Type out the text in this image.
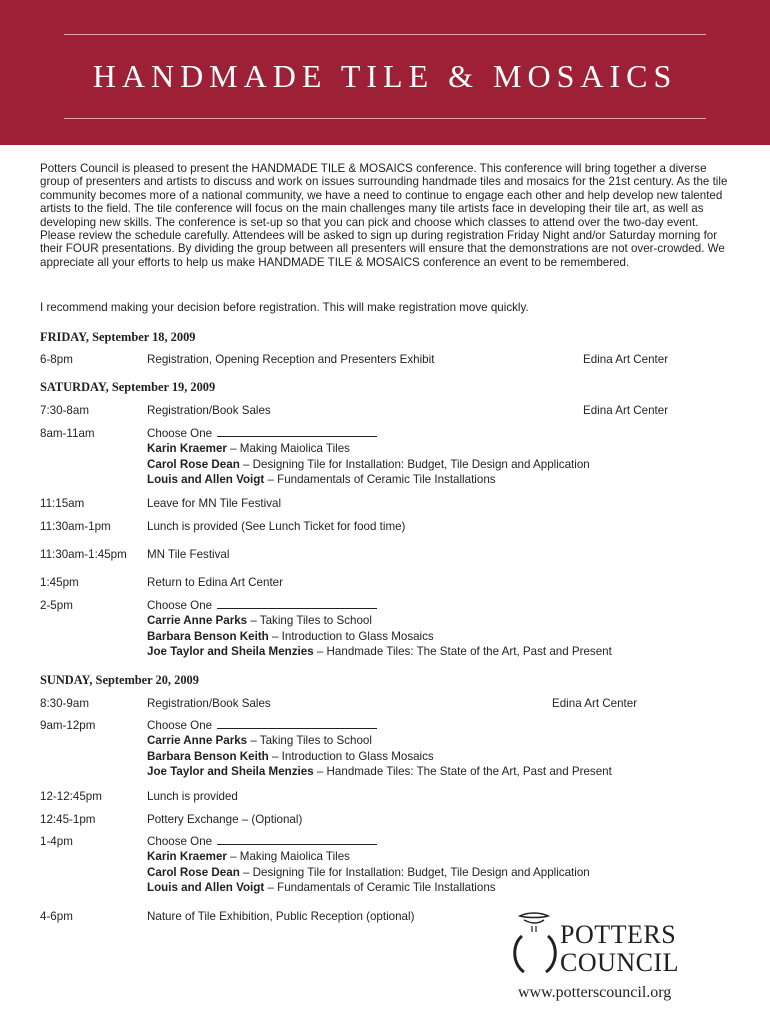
HANDMADE TILE & MOSAICS

Potters Council is pleased to present the HANDMADE TILE & MOSAICS conference. This conference will bring together a diverse group of presenters and artists to discuss and work on issues surrounding handmade tiles and mosaics for the 21st century. As the tile community becomes more of a national community, we have a need to continue to engage each other and help develop new talented artists to the field. The tile conference will focus on the main challenges many tile artists face in developing their tile art, as well as developing new skills. The conference is set-up so that you can pick and choose which classes to attend over the two-day event. Please review the schedule carefully. Attendees will be asked to sign up during registration Friday Night and/or Saturday morning for their FOUR presentations. By dividing the group between all presenters will ensure that the demonstrations are not over-crowded. We appreciate all your efforts to help us make HANDMADE TILE & MOSAICS conference an event to be remembered.

I recommend making your decision before registration. This will make registration move quickly.
FRIDAY, September 18, 2009
6-8pm	Registration, Opening Reception and Presenters Exhibit	Edina Art Center
SATURDAY, September 19, 2009
7:30-8am	Registration/Book Sales	Edina Art Center
8am-11am	Choose One
Karin Kraemer – Making Maiolica Tiles
Carol Rose Dean – Designing Tile for Installation: Budget, Tile Design and Application
Louis and Allen Voigt – Fundamentals of Ceramic Tile Installations
11:15am	Leave for MN Tile Festival
11:30am-1pm	Lunch is provided (See Lunch Ticket for food time)
11:30am-1:45pm MN Tile Festival
1:45pm	Return to Edina Art Center
2-5pm	Choose One
Carrie Anne Parks – Taking Tiles to School
Barbara Benson Keith – Introduction to Glass Mosaics
Joe Taylor and Sheila Menzies – Handmade Tiles: The State of the Art, Past and Present
SUNDAY, September 20, 2009
8:30-9am	Registration/Book Sales	Edina Art Center
9am-12pm	Choose One
Carrie Anne Parks – Taking Tiles to School
Barbara Benson Keith – Introduction to Glass Mosaics
Joe Taylor and Sheila Menzies – Handmade Tiles: The State of the Art, Past and Present
12-12:45pm	Lunch is provided
12:45-1pm	Pottery Exchange – (Optional)
1-4pm	Choose One
Karin Kraemer – Making Maiolica Tiles
Carol Rose Dean – Designing Tile for Installation: Budget, Tile Design and Application
Louis and Allen Voigt – Fundamentals of Ceramic Tile Installations
4-6pm	Nature of Tile Exhibition, Public Reception (optional)
POTTERS
COUNCIL
www.potterscouncil.org
